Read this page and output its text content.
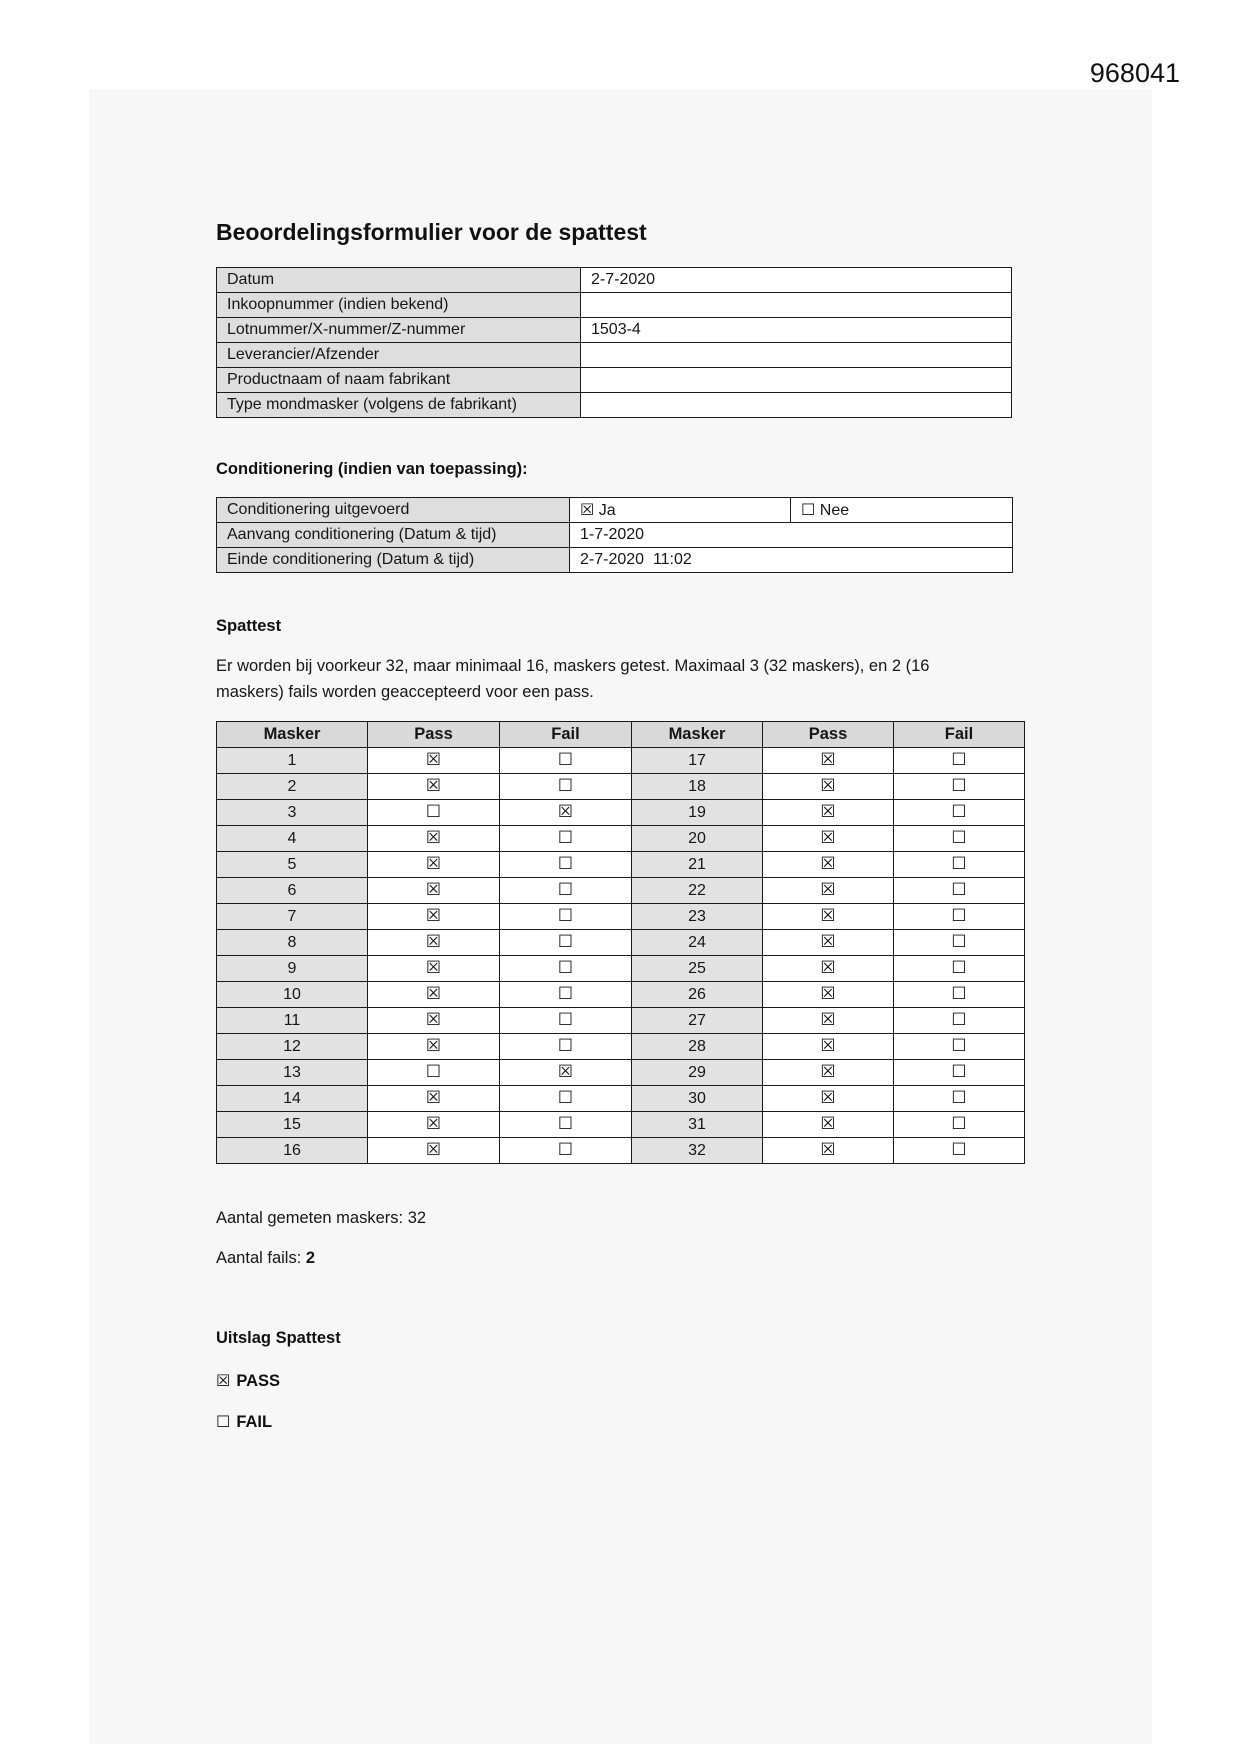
968041
Beoordelingsformulier voor de spattest
Datum	2-7-2020
Inkoopnummer (indien bekend)	
Lotnummer/X-nummer/Z-nummer	1503-4
Leverancier/Afzender	
Productnaam of naam fabrikant	
Type mondmasker (volgens de fabrikant)	
Conditionering (indien van toepassing):
Conditionering uitgevoerd	☒ Ja	☐ Nee
Aanvang conditionering (Datum & tijd)	1-7-2020	
Einde conditionering (Datum & tijd)	2-7-2020  11:02	
Spattest
Er worden bij voorkeur 32, maar minimaal 16, maskers getest. Maximaal 3 (32 maskers), en 2 (16 maskers) fails worden geaccepteerd voor een pass.
Masker	Pass	Fail	Masker	Pass	Fail
1	☒	☐	17	☒	☐
2	☒	☐	18	☒	☐
3	☐	☒	19	☒	☐
4	☒	☐	20	☒	☐
5	☒	☐	21	☒	☐
6	☒	☐	22	☒	☐
7	☒	☐	23	☒	☐
8	☒	☐	24	☒	☐
9	☒	☐	25	☒	☐
10	☒	☐	26	☒	☐
11	☒	☐	27	☒	☐
12	☒	☐	28	☒	☐
13	☐	☒	29	☒	☐
14	☒	☐	30	☒	☐
15	☒	☐	31	☒	☐
16	☒	☐	32	☒	☐
Aantal gemeten maskers: 32
Aantal fails: 2
Uitslag Spattest
☒ PASS
☐ FAIL
